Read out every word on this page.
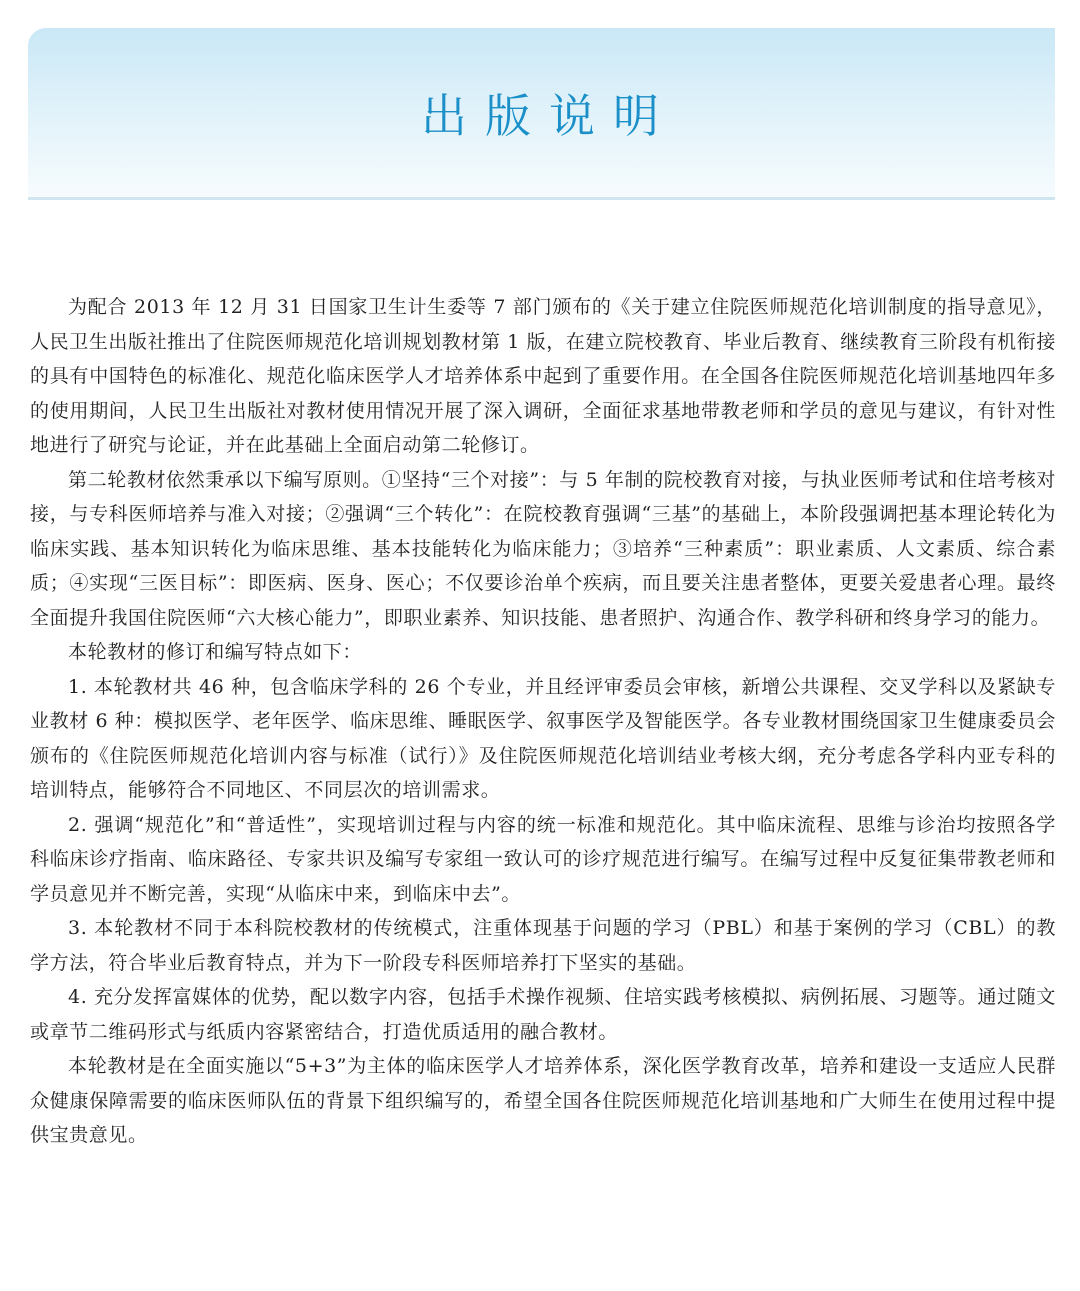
出版说明

为配合 2013 年 12 月 31 日国家卫生计生委等 7 部门颁布的《关于建立住院医师规范化培训制度的指导意见》，人民卫生出版社推出了住院医师规范化培训规划教材第 1 版，在建立院校教育、毕业后教育、继续教育三阶段有机衔接的具有中国特色的标准化、规范化临床医学人才培养体系中起到了重要作用。在全国各住院医师规范化培训基地四年多的使用期间，人民卫生出版社对教材使用情况开展了深入调研，全面征求基地带教老师和学员的意见与建议，有针对性地进行了研究与论证，并在此基础上全面启动第二轮修订。

第二轮教材依然秉承以下编写原则。①坚持“三个对接”：与 5 年制的院校教育对接，与执业医师考试和住培考核对接，与专科医师培养与准入对接；②强调“三个转化”：在院校教育强调“三基”的基础上，本阶段强调把基本理论转化为临床实践、基本知识转化为临床思维、基本技能转化为临床能力；③培养“三种素质”：职业素质、人文素质、综合素质；④实现“三医目标”：即医病、医身、医心；不仅要诊治单个疾病，而且要关注患者整体，更要关爱患者心理。最终全面提升我国住院医师“六大核心能力”，即职业素养、知识技能、患者照护、沟通合作、教学科研和终身学习的能力。

本轮教材的修订和编写特点如下：

1. 本轮教材共 46 种，包含临床学科的 26 个专业，并且经评审委员会审核，新增公共课程、交叉学科以及紧缺专业教材 6 种：模拟医学、老年医学、临床思维、睡眠医学、叙事医学及智能医学。各专业教材围绕国家卫生健康委员会颁布的《住院医师规范化培训内容与标准（试行）》及住院医师规范化培训结业考核大纲，充分考虑各学科内亚专科的培训特点，能够符合不同地区、不同层次的培训需求。

2. 强调“规范化”和“普适性”，实现培训过程与内容的统一标准和规范化。其中临床流程、思维与诊治均按照各学科临床诊疗指南、临床路径、专家共识及编写专家组一致认可的诊疗规范进行编写。在编写过程中反复征集带教老师和学员意见并不断完善，实现“从临床中来，到临床中去”。

3. 本轮教材不同于本科院校教材的传统模式，注重体现基于问题的学习（PBL）和基于案例的学习（CBL）的教学方法，符合毕业后教育特点，并为下一阶段专科医师培养打下坚实的基础。

4. 充分发挥富媒体的优势，配以数字内容，包括手术操作视频、住培实践考核模拟、病例拓展、习题等。通过随文或章节二维码形式与纸质内容紧密结合，打造优质适用的融合教材。

本轮教材是在全面实施以“5+3”为主体的临床医学人才培养体系，深化医学教育改革，培养和建设一支适应人民群众健康保障需要的临床医师队伍的背景下组织编写的，希望全国各住院医师规范化培训基地和广大师生在使用过程中提供宝贵意见。
